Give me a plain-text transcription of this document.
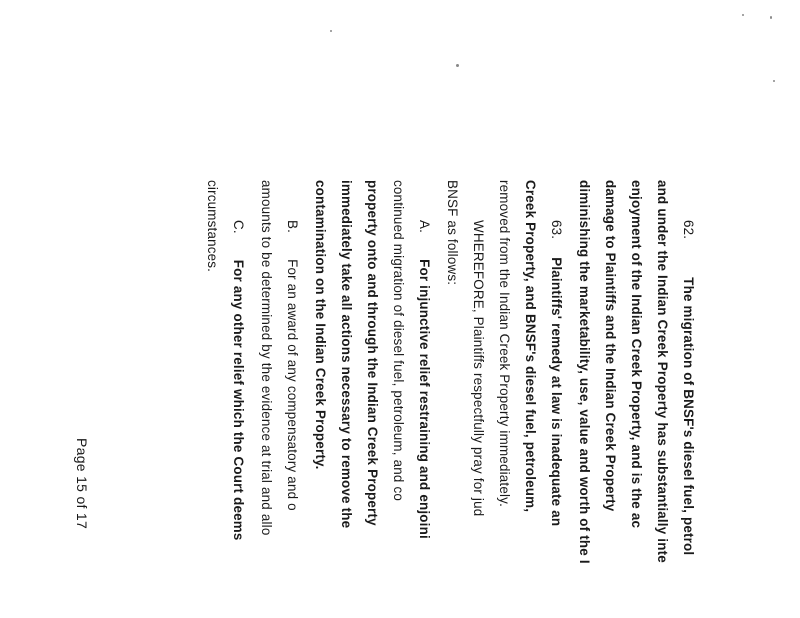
62.The migration of BNSF's diesel fuel, petrol
and under the Indian Creek Property has substantially inte
enjoyment of the Indian Creek Property, and is the ac
damage to Plaintiffs and the Indian Creek Property
diminishing the marketability, use, value and worth of the I
63.Plaintiffs' remedy at law is inadequate an
Creek Property, and BNSF's diesel fuel, petroleum,
removed from the Indian Creek Property immediately.
WHEREFORE, Plaintiffs respectfully pray for jud
BNSF as follows:
A.For injunctive relief restraining and enjoini
continued migration of diesel fuel, petroleum, and co
property onto and through the Indian Creek Property
immediately take all actions necessary to remove the
contamination on the Indian Creek Property.
B.For an award of any compensatory and o
amounts to be determined by the evidence at trial and allo
C.For any other relief which the Court deems
circumstances.
Page 15 of 17
